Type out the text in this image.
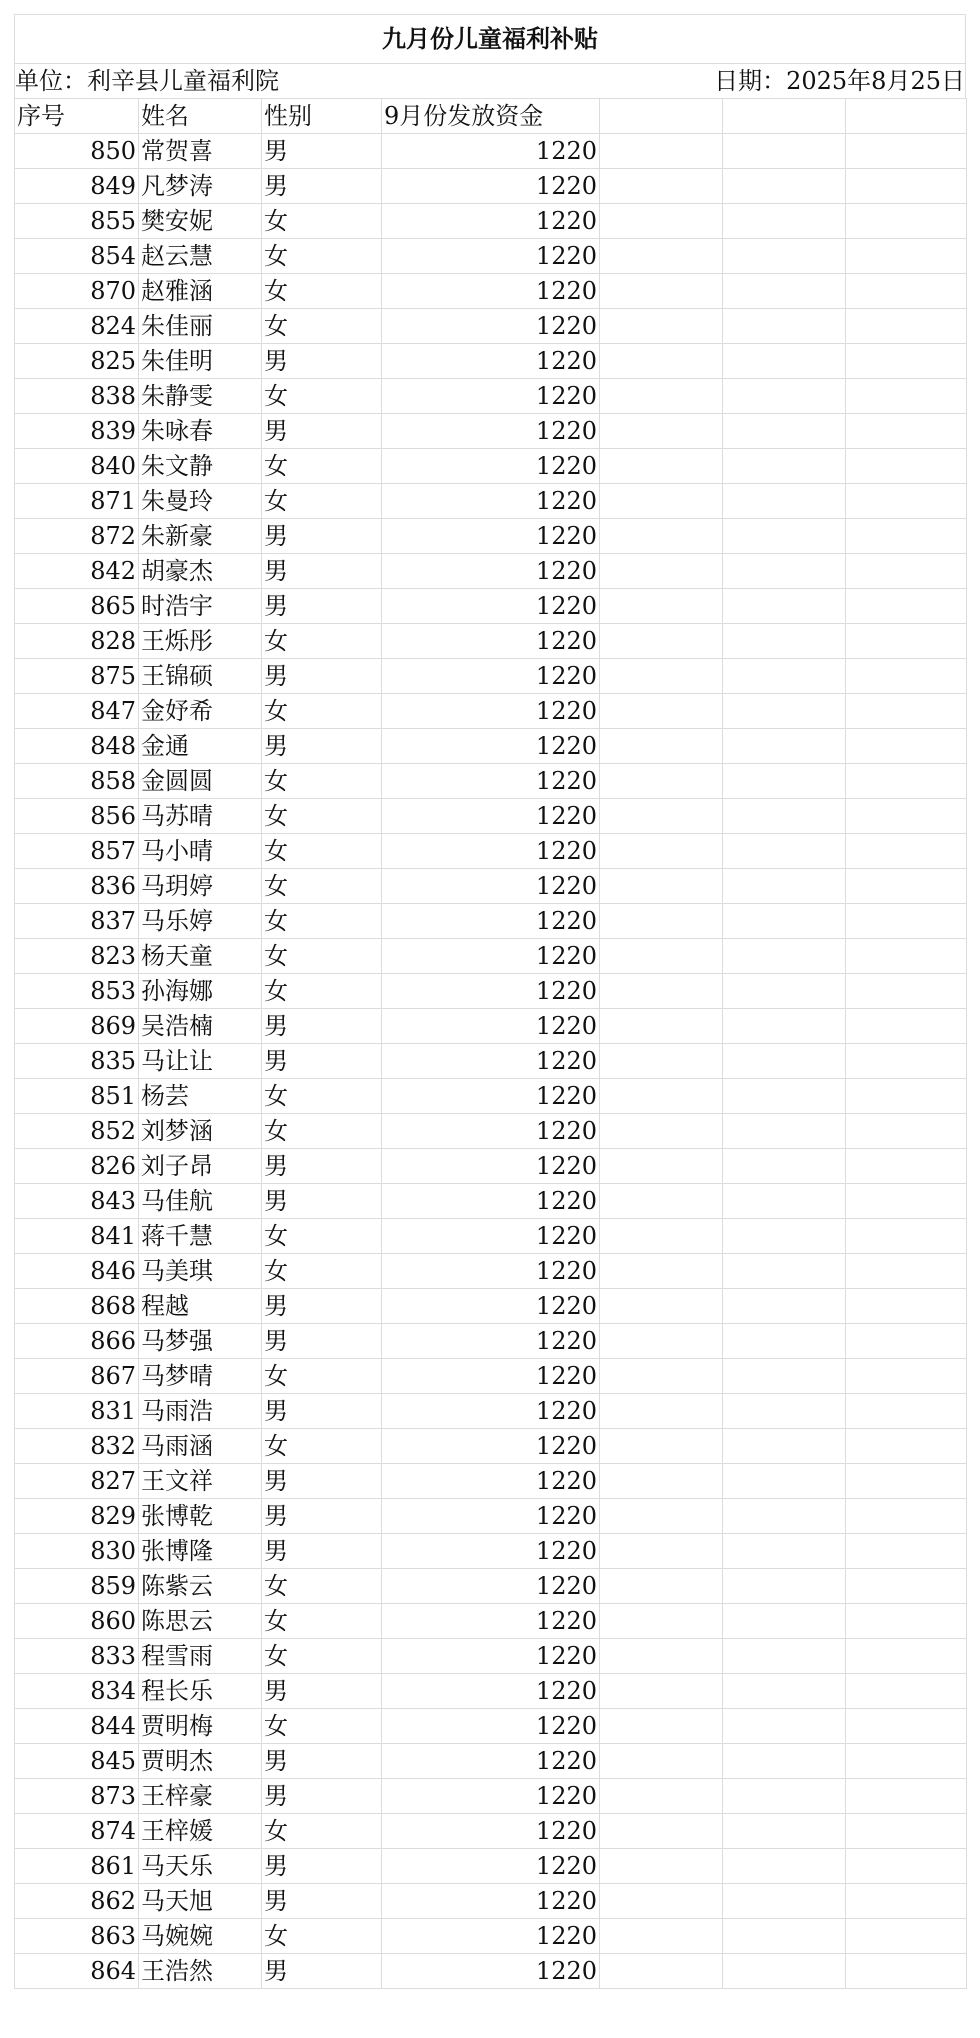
九月份儿童福利补贴
单位：利辛县儿童福利院	日期：2025年8月25日
序号	姓名	性别	9月份发放资金			
850	常贺喜	男	1220			
849	凡梦涛	男	1220			
855	樊安妮	女	1220			
854	赵云慧	女	1220			
870	赵雅涵	女	1220			
824	朱佳丽	女	1220			
825	朱佳明	男	1220			
838	朱静雯	女	1220			
839	朱咏春	男	1220			
840	朱文静	女	1220			
871	朱曼玲	女	1220			
872	朱新豪	男	1220			
842	胡豪杰	男	1220			
865	时浩宇	男	1220			
828	王烁彤	女	1220			
875	王锦硕	男	1220			
847	金妤希	女	1220			
848	金通	男	1220			
858	金圆圆	女	1220			
856	马苏晴	女	1220			
857	马小晴	女	1220			
836	马玥婷	女	1220			
837	马乐婷	女	1220			
823	杨天童	女	1220			
853	孙海娜	女	1220			
869	吴浩楠	男	1220			
835	马让让	男	1220			
851	杨芸	女	1220			
852	刘梦涵	女	1220			
826	刘子昂	男	1220			
843	马佳航	男	1220			
841	蒋千慧	女	1220			
846	马美琪	女	1220			
868	程越	男	1220			
866	马梦强	男	1220			
867	马梦晴	女	1220			
831	马雨浩	男	1220			
832	马雨涵	女	1220			
827	王文祥	男	1220			
829	张博乾	男	1220			
830	张博隆	男	1220			
859	陈紫云	女	1220			
860	陈思云	女	1220			
833	程雪雨	女	1220			
834	程长乐	男	1220			
844	贾明梅	女	1220			
845	贾明杰	男	1220			
873	王梓豪	男	1220			
874	王梓媛	女	1220			
861	马天乐	男	1220			
862	马天旭	男	1220			
863	马婉婉	女	1220			
864	王浩然	男	1220			
